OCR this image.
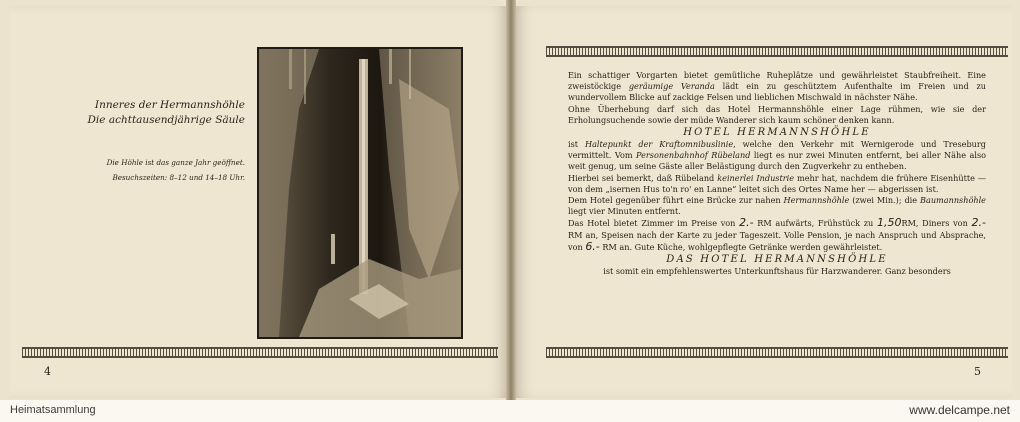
Inneres der Hermannshöhle
Die achttausendjährige Säule
Die Höhle ist das ganze Jahr geöffnet.
Besuchszeiten: 8–12 und 14–18 Uhr.
4	5

Ein schattiger Vorgarten bietet gemütliche Ruheplätze und gewährleistet Staubfreiheit. Eine zweistöckige geräumige Veranda lädt ein zu geschütztem Aufenthalte im Freien und zu wundervollem Blicke auf zackige Felsen und lieblichen Mischwald in nächster Nähe.

Ohne Überhebung darf sich das Hotel Hermannshöhle einer Lage rühmen, wie sie der Erholungsuchende sowie der müde Wanderer sich kaum schöner denken kann.

HOTEL HERMANNSHÖHLE

ist Haltepunkt der Kraftomnibuslinie, welche den Verkehr mit Wernigerode und Treseburg vermittelt. Vom Personenbahnhof Rübeland liegt es nur zwei Minuten entfernt, bei aller Nähe also weit genug, um seine Gäste aller Belästigung durch den Zugverkehr zu entheben.

Hierbei sei bemerkt, daß Rübeland keinerlei Industrie mehr hat, nachdem die frühere Eisenhütte — von dem „isernen Hus to'n ro' en Lanne“ leitet sich des Ortes Name her — abgerissen ist.

Dem Hotel gegenüber führt eine Brücke zur nahen Hermannshöhle (zwei Min.); die Baumannshöhle liegt vier Minuten entfernt.

Das Hotel bietet Zimmer im Preise von 2.- RM aufwärts, Frühstück zu 1,50RM, Diners von 2.- RM an, Speisen nach der Karte zu jeder Tageszeit. Volle Pension, je nach Anspruch und Absprache, von 6.- RM an. Gute Küche, wohlgepflegte Getränke werden gewährleistet.

DAS HOTEL HERMANNSHÖHLE

ist somit ein empfehlenswertes Unterkunftshaus für Harzwanderer. Ganz besonders

Heimatsammlung	www.delcampe.net
